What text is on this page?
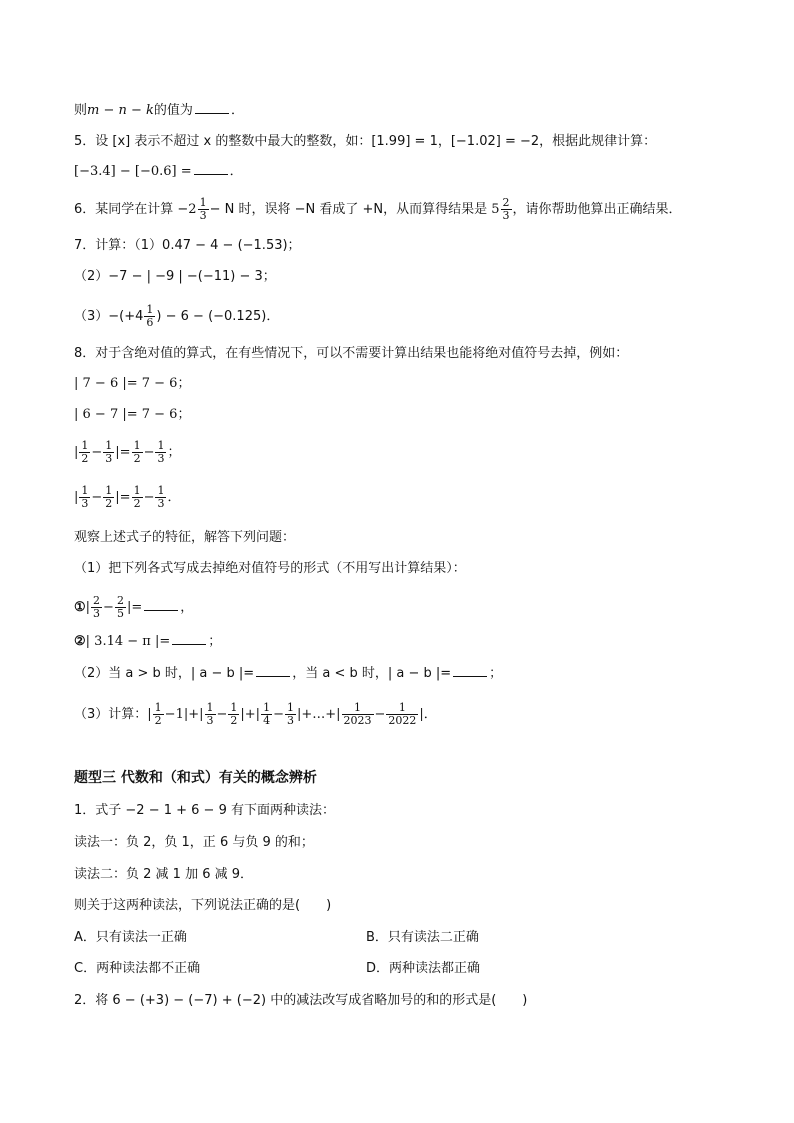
则m − n − k的值为	．
5．设 [x] 表示不超过 x 的整数中最大的整数，如：[1.99] = 1，[−1.02] = −2，根据此规律计算：
[−3.4] − [−0.6] =	．
6．某同学在计算 $-2 \frac{1}{3} - N$ 时，误将 −N 看成了 +N，从而算得结果是 $5 \frac{2}{3}$ ，请你帮助他算出正确结果．
7．计算：（1）0.47 − 4 − (−1.53)；
（2）−7 − | −9 | −(−11) − 3；
$(3)-(+4 \frac{1}{6}$ ) − 6 − (−0.125)．
8．对于含绝对值的算式，在有些情况下，可以不需要计算出结果也能将绝对值符号去掉，例如：
| 7 − 6 |= 7 − 6；
| 6 − 7 |= 7 − 6；
| $\frac{1}{2} - \frac{1}{3}$ |= $\frac{1}{2} - \frac{1}{3}$ ；
| $\frac{1}{3} - \frac{1}{2}$ |= $\frac{1}{2} - \frac{1}{3}$ ．
观察上述式子的特征，解答下列问题：
（1）把下列各式写成去掉绝对值符号的形式（不用写出计算结果）：
①| $\frac{2}{3} - \frac{2}{5}$ |=	，
②| 3.14 − π |=	；
（2）当 a > b 时，| a − b |=	，当 a < b 时，| a − b |=	；
（3）计算：| $\frac{1}{2} -1|+| \frac{1}{3} - \frac{1}{2}$ |+| $\frac{1}{4} - \frac{1}{3}$ |+…+| $\frac{1}{2023} - \frac{1}{2022}$ |．
题型三 代数和（和式）有关的概念辨析
1．式子 −2 − 1 + 6 − 9 有下面两种读法：
读法一：负 2，负 1，正 6 与负 9 的和；
读法二：负 2 减 1 加 6 减 9．
则关于这两种读法，下列说法正确的是(　　)
A．只有读法一正确	B．只有读法二正确
C．两种读法都不正确	D．两种读法都正确
2．将 6 − (+3) − (−7) + (−2) 中的减法改写成省略加号的和的形式是(　　)
